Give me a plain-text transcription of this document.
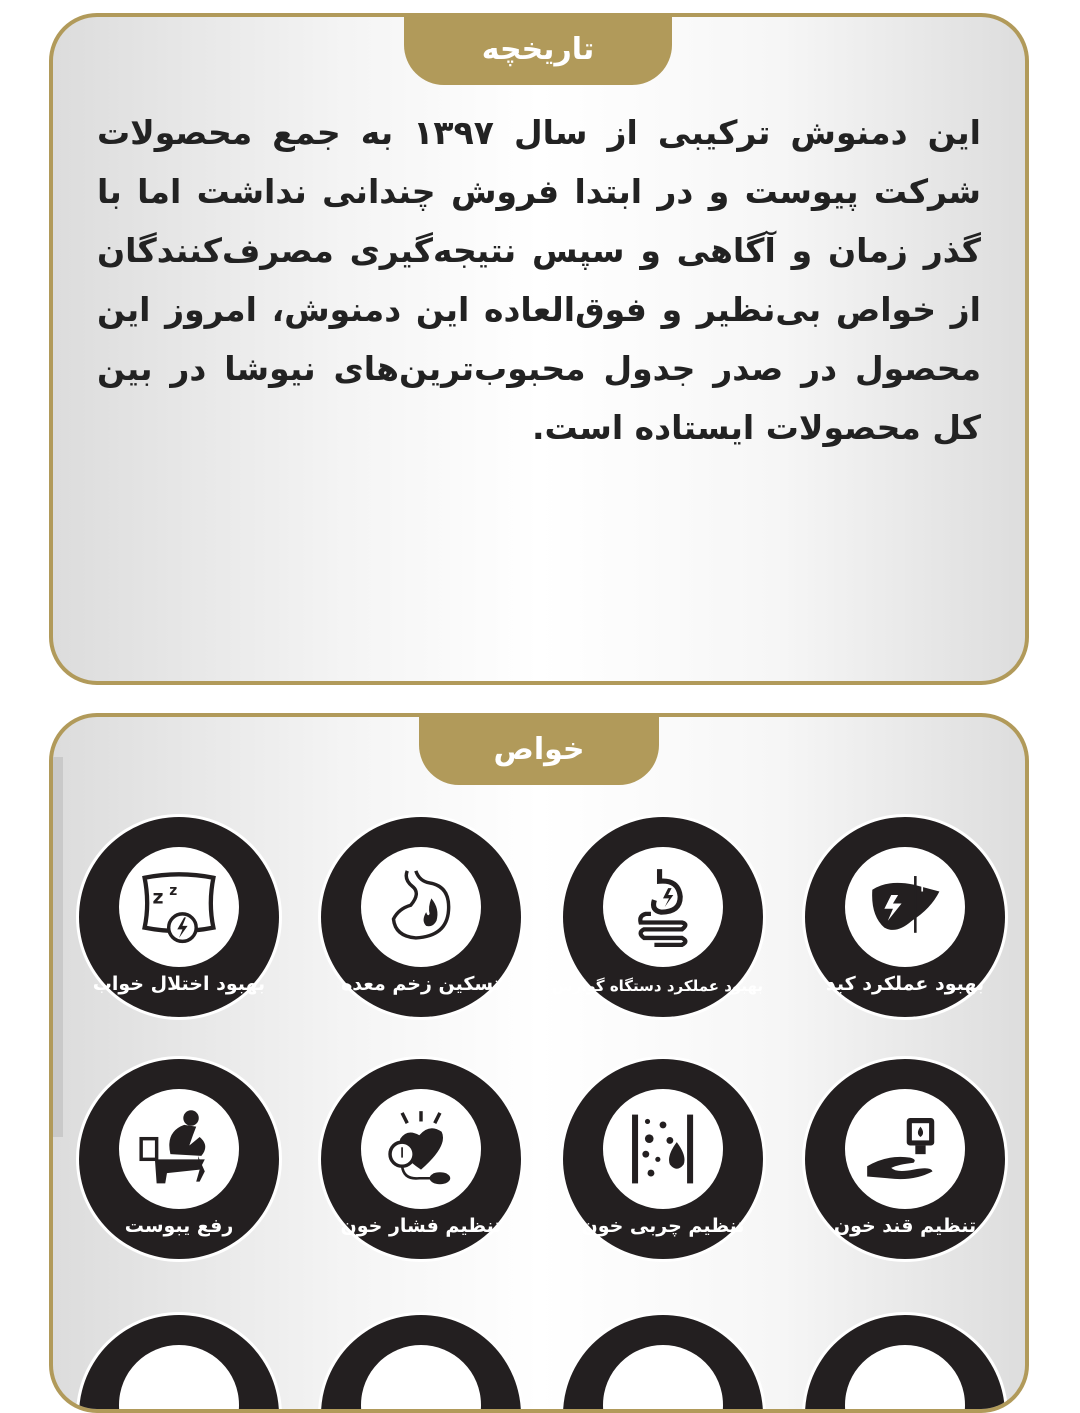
تاریخچه
این دمنوش ترکیبی از سال ۱۳۹۷ به جمع محصولات شرکت پیوست و در ابتدا فروش چندانی نداشت اما با گذر زمان و آگاهی و سپس نتیجه‌گیری مصرف‌کنندگان از خواص بی‌نظیر و فوق‌العاده این دمنوش، امروز این محصول در صدر جدول محبوب‌ترین‌های نیوشا در بین کل محصولات ایستاده است.
خواص
بهبود عملکرد کبد
بهبود عملکرد دستگاه گوارش
تسکین زخم معده
z z
بهبود اختلال خواب
تنظیم قند خون
تنظیم چربی خون
تنظیم فشار خون
رفع یبوست
